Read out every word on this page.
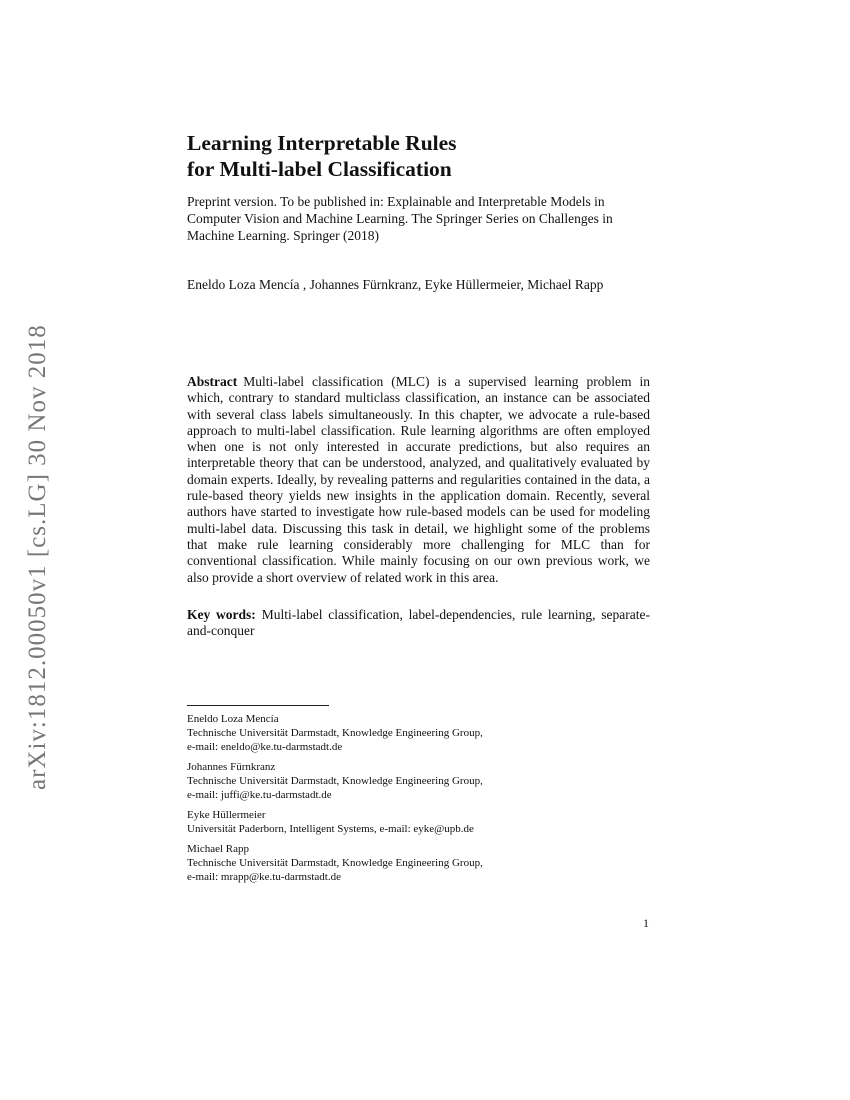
arXiv:1812.00050v1 [cs.LG] 30 Nov 2018
Learning Interpretable Rules
for Multi-label Classification
Preprint version. To be published in: Explainable and Interpretable Models in Computer Vision and Machine Learning. The Springer Series on Challenges in Machine Learning. Springer (2018)
Eneldo Loza Mencía , Johannes Fürnkranz, Eyke Hüllermeier, Michael Rapp
Abstract Multi-label classification (MLC) is a supervised learning problem in which, contrary to standard multiclass classification, an instance can be associated with several class labels simultaneously. In this chapter, we advocate a rule-based approach to multi-label classification. Rule learning algorithms are often employed when one is not only interested in accurate predictions, but also requires an interpretable theory that can be understood, analyzed, and qualitatively evaluated by domain experts. Ideally, by revealing patterns and regularities contained in the data, a rule-based theory yields new insights in the application domain. Recently, several authors have started to investigate how rule-based models can be used for modeling multi-label data. Discussing this task in detail, we highlight some of the problems that make rule learning considerably more challenging for MLC than for conventional classification. While mainly focusing on our own previous work, we also provide a short overview of related work in this area.
Key words: Multi-label classification, label-dependencies, rule learning, separate-and-conquer
Eneldo Loza Mencía
Technische Universität Darmstadt, Knowledge Engineering Group,
e-mail: eneldo@ke.tu-darmstadt.de
Johannes Fürnkranz
Technische Universität Darmstadt, Knowledge Engineering Group,
e-mail: juffi@ke.tu-darmstadt.de
Eyke Hüllermeier
Universität Paderborn, Intelligent Systems, e-mail: eyke@upb.de
Michael Rapp
Technische Universität Darmstadt, Knowledge Engineering Group,
e-mail: mrapp@ke.tu-darmstadt.de
1
